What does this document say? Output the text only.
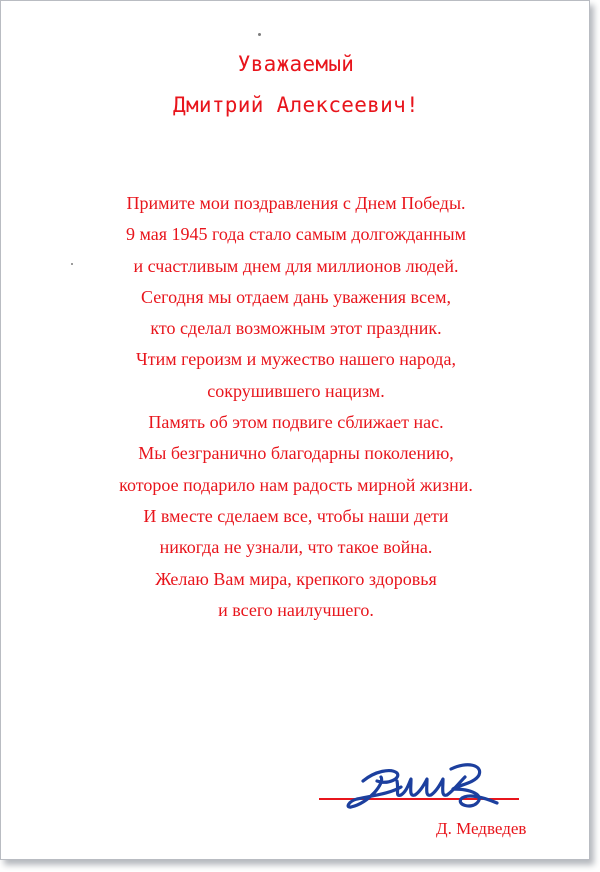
Уважаемый
Дмитрий Алексеевич!
Примите мои поздравления с Днем Победы.
9 мая 1945 года стало самым долгожданным
и счастливым днем для миллионов людей.
Сегодня мы отдаем дань уважения всем,
кто сделал возможным этот праздник.
Чтим героизм и мужество нашего народа,
сокрушившего нацизм.
Память об этом подвиге сближает нас.
Мы безгранично благодарны поколению,
которое подарило нам радость мирной жизни.
И вместе сделаем все, чтобы наши дети
никогда не узнали, что такое война.
Желаю Вам мира, крепкого здоровья
и всего наилучшего.
Д. Медведев
